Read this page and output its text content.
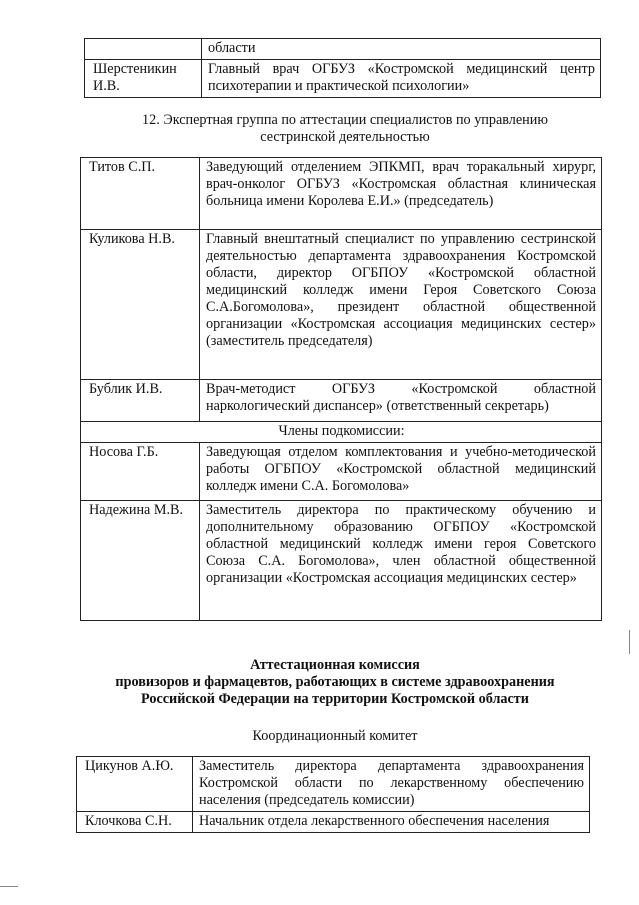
	области
Шерстеникин И.В.	Главный врач ОГБУЗ «Костромской медицинский центр психотерапии и практической психологии»
12. Экспертная группа по аттестации специалистов по управлению
сестринской деятельностью
Титов С.П.	Заведующий отделением ЭПКМП, врач торакальный хирург, врач-онколог ОГБУЗ «Костромская областная клиническая больница имени Королева Е.И.» (председатель)
Куликова Н.В.	Главный внештатный специалист по управлению сестринской деятельностью департамента здравоохранения Костромской области, директор ОГБПОУ «Костромской областной медицинский колледж имени Героя Советского Союза С.А.Богомолова», президент областной общественной организации «Костромская ассоциация медицинских сестер» (заместитель председателя)
Бублик И.В.	Врач-методист ОГБУЗ «Костромской областной наркологический диспансер» (ответственный секретарь)
Члены подкомиссии:	
Носова Г.Б.	Заведующая отделом комплектования и учебно-методической работы ОГБПОУ «Костромской областной медицинский колледж имени С.А. Богомолова»
Надежина М.В.	Заместитель директора по практическому обучению и дополнительному образованию ОГБПОУ «Костромской областной медицинский колледж имени героя Советского Союза С.А. Богомолова», член областной общественной организации «Костромская ассоциация медицинских сестер»
Аттестационная комиссия
провизоров и фармацевтов, работающих в системе здравоохранения
Российской Федерации на территории Костромской области
Координационный комитет
Цикунов А.Ю.	Заместитель директора департамента здравоохранения Костромской области по лекарственному обеспечению населения (председатель комиссии)
Клочкова С.Н.	Начальник отдела лекарственного обеспечения населения
